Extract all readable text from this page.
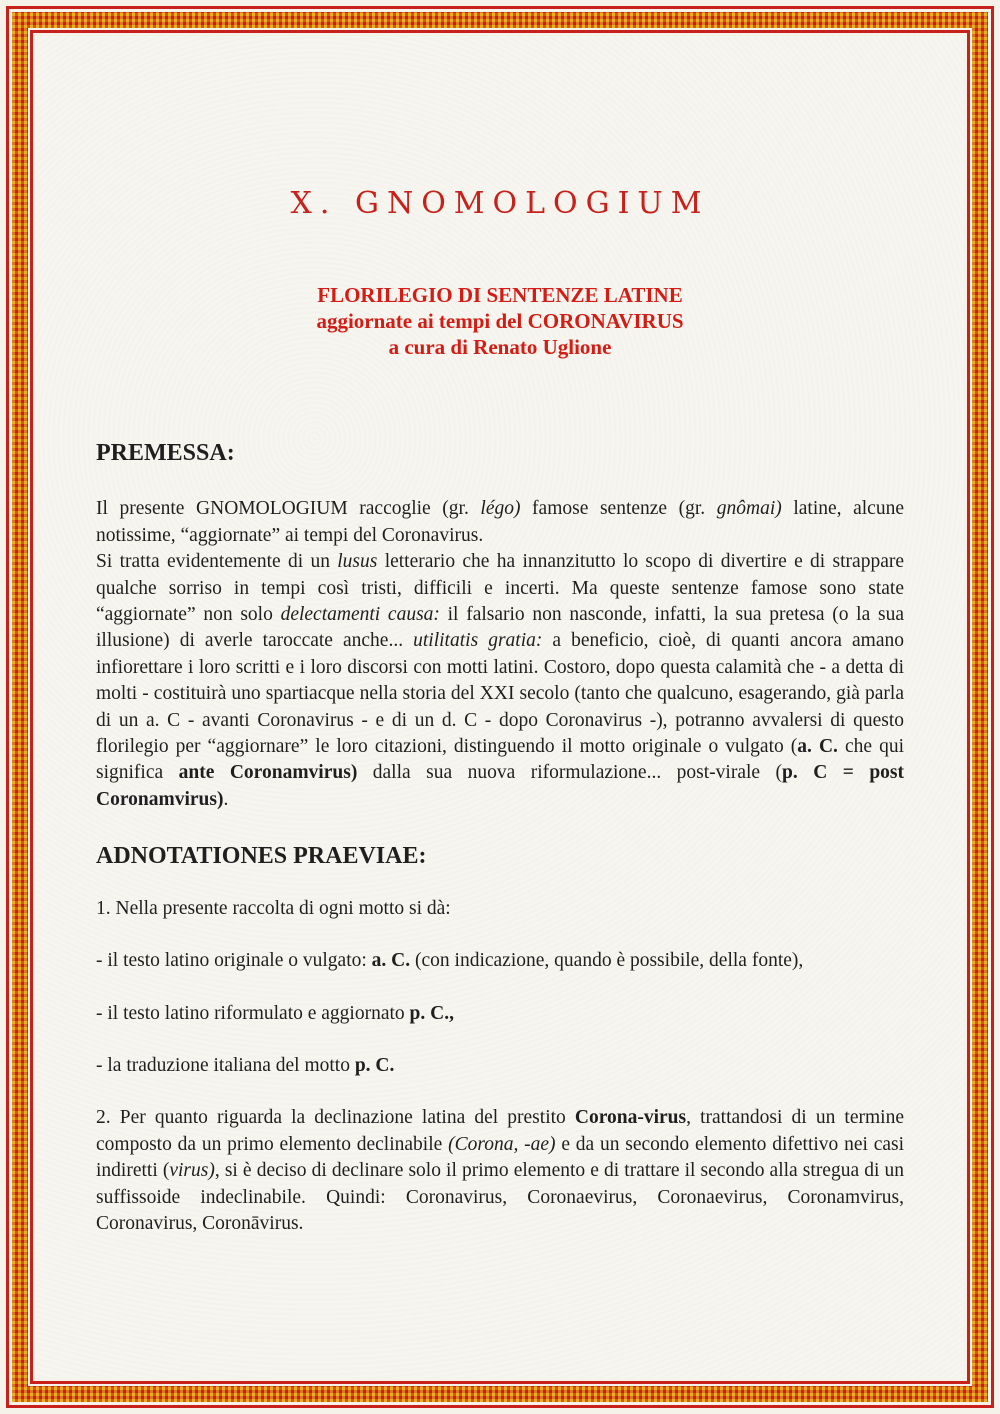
X. GNOMOLOGIUM
FLORILEGIO DI SENTENZE LATINE
aggiornate ai tempi del CORONAVIRUS
a cura di Renato Uglione
PREMESSA:

Il presente GNOMOLOGIUM raccoglie (gr. légo) famose sentenze (gr. gnômai) latine, alcune notissime, “aggiornate” ai tempi del Coronavirus.

Si tratta evidentemente di un lusus letterario che ha innanzitutto lo scopo di divertire e di strappare qualche sorriso in tempi così tristi, difficili e incerti. Ma queste sentenze famose sono state “aggiornate” non solo delectamenti causa: il falsario non nasconde, infatti, la sua pretesa (o la sua illusione) di averle taroccate anche... utilitatis gratia: a beneficio, cioè, di quanti ancora amano infiorettare i loro scritti e i loro discorsi con motti latini. Costoro, dopo questa calamità che - a detta di molti - costituirà uno spartiacque nella storia del XXI secolo (tanto che qualcuno, esagerando, già parla di un a. C - avanti Coronavirus - e di un d. C - dopo Coronavirus -), potranno avvalersi di questo florilegio per “aggiornare” le loro citazioni, distinguendo il motto originale o vulgato (a. C. che qui significa ante Coronamvirus) dalla sua nuova riformulazione... post-virale (p. C = post Coronamvirus).

ADNOTATIONES PRAEVIAE:

1. Nella presente raccolta di ogni motto si dà:

- il testo latino originale o vulgato: a. C. (con indicazione, quando è possibile, della fonte),

- il testo latino riformulato e aggiornato p. C.,

- la traduzione italiana del motto p. C.

2. Per quanto riguarda la declinazione latina del prestito Corona-virus, trattandosi di un termine composto da un primo elemento declinabile (Corona, -ae) e da un secondo elemento difettivo nei casi indiretti (virus), si è deciso di declinare solo il primo elemento e di trattare il secondo alla stregua di un suffissoide indeclinabile. Quindi: Coronavirus, Coronaevirus, Coronaevirus, Coronamvirus, Coronavirus, Coronāvirus.
